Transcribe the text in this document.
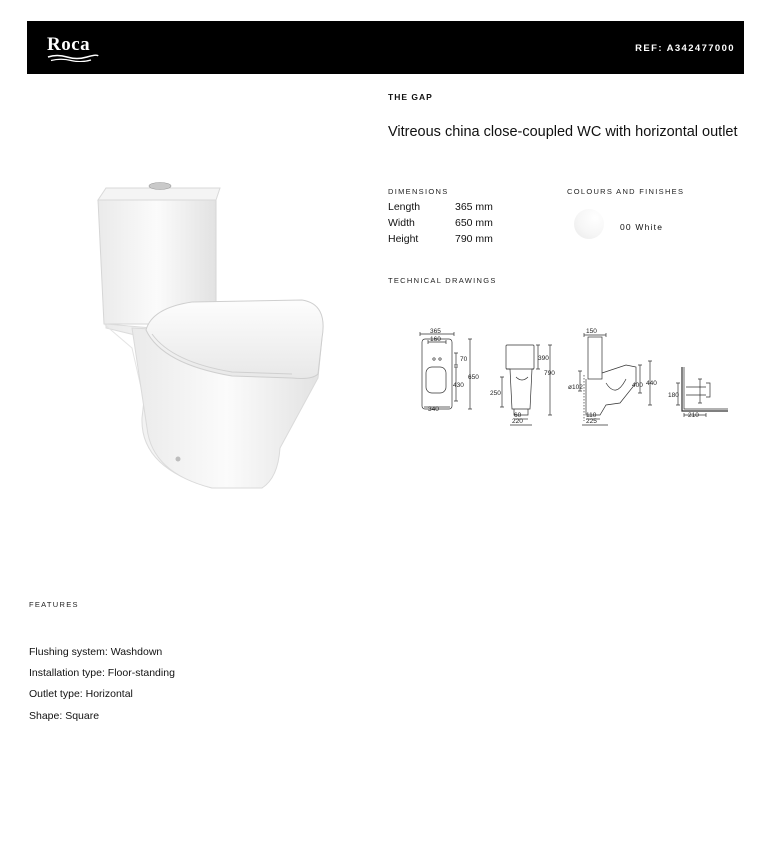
Roca	REF: A342477000
THE GAP
Vitreous china close-coupled WC with horizontal outlet
DIMENSIONS
Length	365 mm
Width	650 mm
Height	790 mm
COLOURS AND FINISHES
00 White
TECHNICAL DRAWINGS
365
160
70
650
430
340
390
790
250
60
220
150
ø102	400 440
110
225
180
210
FEATURES
Flushing system: Washdown
Installation type: Floor-standing
Outlet type: Horizontal
Shape: Square
